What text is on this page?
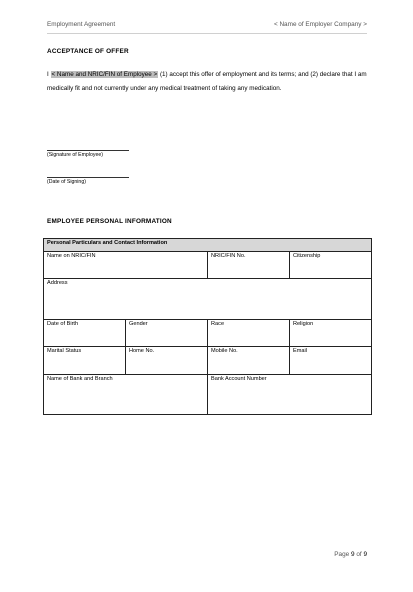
Employment Agreement	< Name of Employer Company >
ACCEPTANCE OF OFFER
I < Name and NRIC/FIN of Employee > (1) accept this offer of employment and its terms; and (2) declare that I am medically fit and not currently under any medical treatment of taking any medication.
(Signature of Employee)
(Date of Signing)
EMPLOYEE PERSONAL INFORMATION
Personal Particulars and Contact Information			
Name on NRIC/FIN		NRIC/FIN No.	Citizenship
Address			
Date of Birth	Gender	Race	Religion
Marital Status	Home No.	Mobile No.	Email
Name of Bank and Branch		Bank Account Number	
Page 9 of 9
